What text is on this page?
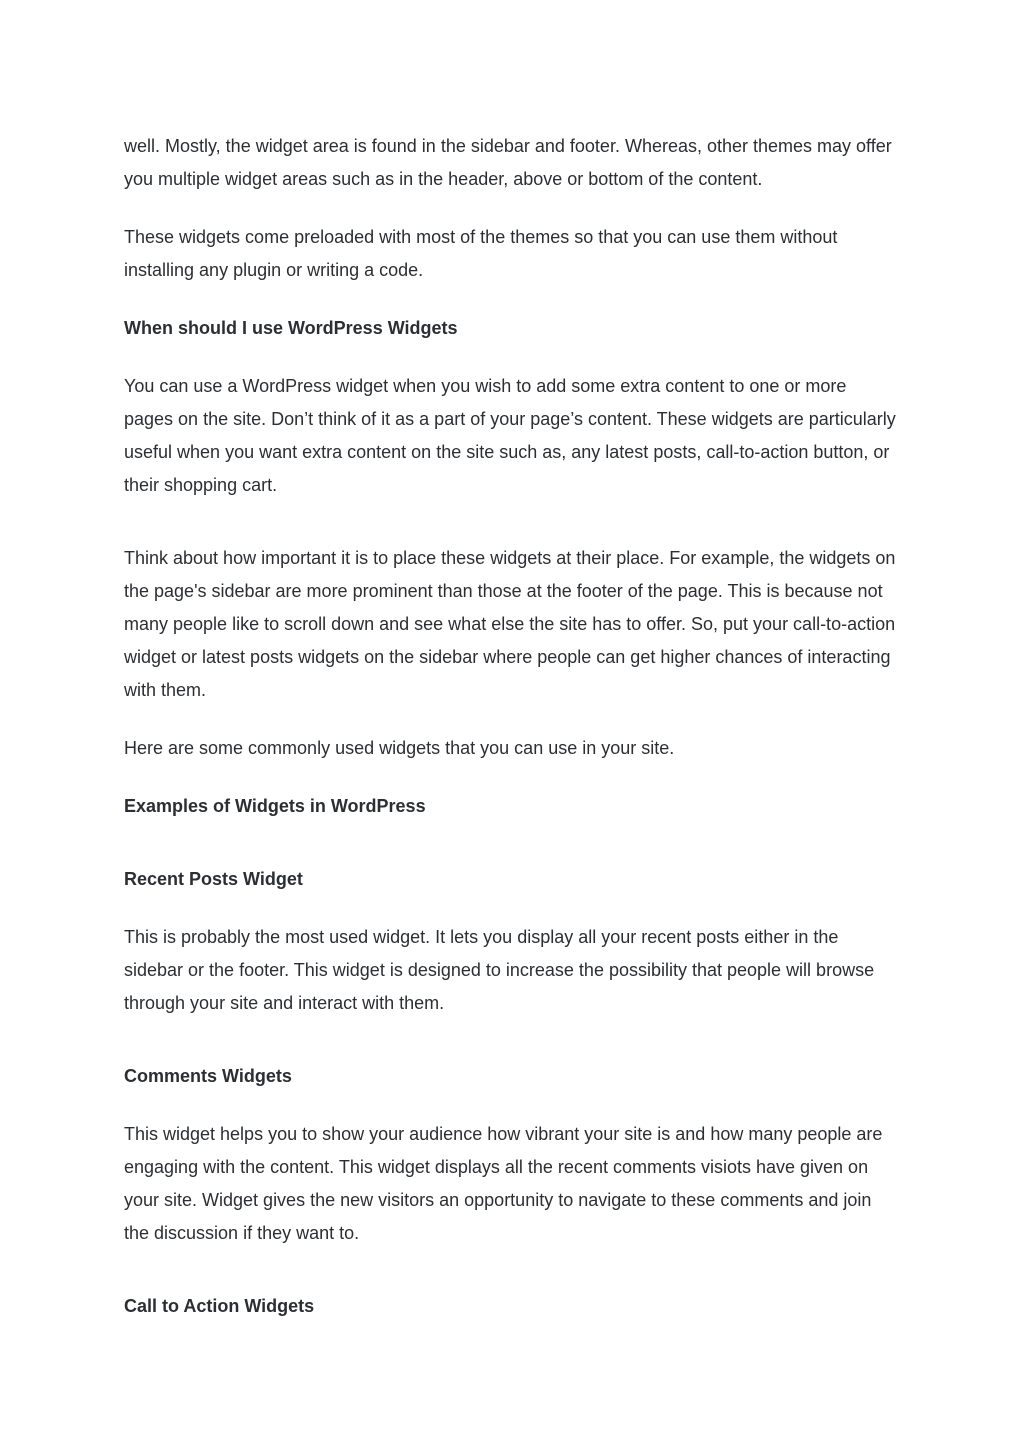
well. Mostly, the widget area is found in the sidebar and footer. Whereas, other themes may offer you multiple widget areas such as in the header, above or bottom of the content.

These widgets come preloaded with most of the themes so that you can use them without installing any plugin or writing a code.

When should I use WordPress Widgets

You can use a WordPress widget when you wish to add some extra content to one or more pages on the site. Don’t think of it as a part of your page’s content. These widgets are particularly useful when you want extra content on the site such as, any latest posts, call-to-action button, or their shopping cart.

Think about how important it is to place these widgets at their place. For example, the widgets on the page's sidebar are more prominent than those at the footer of the page. This is because not many people like to scroll down and see what else the site has to offer. So, put your call-to-action widget or latest posts widgets on the sidebar where people can get higher chances of interacting with them.

Here are some commonly used widgets that you can use in your site.

Examples of Widgets in WordPress

Recent Posts Widget

This is probably the most used widget. It lets you display all your recent posts either in the sidebar or the footer. This widget is designed to increase the possibility that people will browse through your site and interact with them.

Comments Widgets

This widget helps you to show your audience how vibrant your site is and how many people are engaging with the content. This widget displays all the recent comments visiots have given on your site. Widget gives the new visitors an opportunity to navigate to these comments and join the discussion if they want to.

Call to Action Widgets
